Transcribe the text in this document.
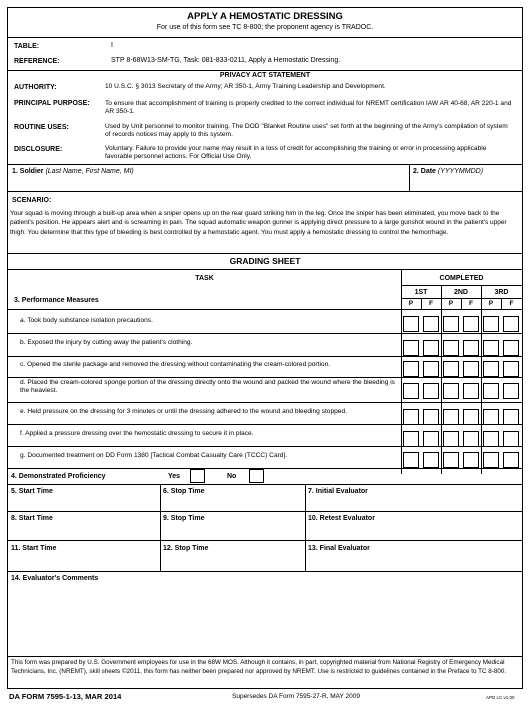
APPLY A HEMOSTATIC DRESSING
For use of this form see TC 8-800; the proponent agency is TRADOC.
TABLE:	I
REFERENCE:	STP 8-68W13-SM-TG, Task: 081-833-0211, Apply a Hemostatic Dressing.
PRIVACY ACT STATEMENT
AUTHORITY:	10 U.S.C. § 3013 Secretary of the Army; AR 350-1, Army Training Leadership and Development.
PRINCIPAL PURPOSE: To ensure that accomplishment of training is properly credited to the correct individual for NREMT certification IAW AR 40-68, AR 220-1 and AR 350-1.
ROUTINE USES:	Used by Unit personnel to monitor training. The DOD "Blanket Routine uses" set forth at the beginning of the Army's compilation of system of records notices may apply to this system.
DISCLOSURE:	Voluntary. Failure to provide your name may result in a loss of credit for accomplishing the training or error in processing applicable favorable personnel actions. For Official Use Only.
1. Soldier (Last Name, First Name, MI)	2. Date (YYYYMMDD)
SCENARIO:
Your squad is moving through a built-up area when a sniper opens up on the rear guard striking him in the leg. Once the sniper has been eliminated, you move back to the patient's position. He appears alert and is screaming in pain. The squad automatic weapon gunner is applying direct pressure to a large gunshot wound in the patient's upper thigh. You determine that this type of bleeding is best controlled by a hemostatic agent. You must apply a hemostatic dressing to control the hemorrhage.
GRADING SHEET
TASK	COMPLETED
1ST	2ND	3RD
P	F	P	F	P	F
3. Performance Measures
a. Took body substance isolation precautions.
b. Exposed the injury by cutting away the patient's clothing.
c. Opened the sterile package and removed the dressing without contaminating the cream-colored portion.
d. Placed the cream-colored sponge portion of the dressing directly onto the wound and packed the wound where the bleeding is the heaviest.
e. Held pressure on the dressing for 3 minutes or until the dressing adhered to the wound and bleeding stopped.
f. Applied a pressure dressing over the hemostatic dressing to secure it in place.
g. Documented treatment on DD Form 1380 [Tactical Combat Casualty Care (TCCC) Card].
4. Demonstrated Proficiency	Yes	No
5. Start Time	6. Stop Time	7. Initial Evaluator
8. Start Time	9. Stop Time	10. Retest Evaluator
11. Start Time	12. Stop Time	13. Final Evaluator
14. Evaluator's Comments
This form was prepared by U.S. Government employees for use in the 68W MOS. Although it contains, in part, copyrighted material from National Registry of Emergency Medical Technicians, Inc. (NREMT), skill sheets ©2011, this form has neither been prepared nor approved by NREMT. Use is restricted to guidelines contained in the Preface to TC 8-800.
DA FORM 7595-1-13, MAR 2014	Supersedes DA Form 7595-27-R, MAY 2009	APD LC v1.00
